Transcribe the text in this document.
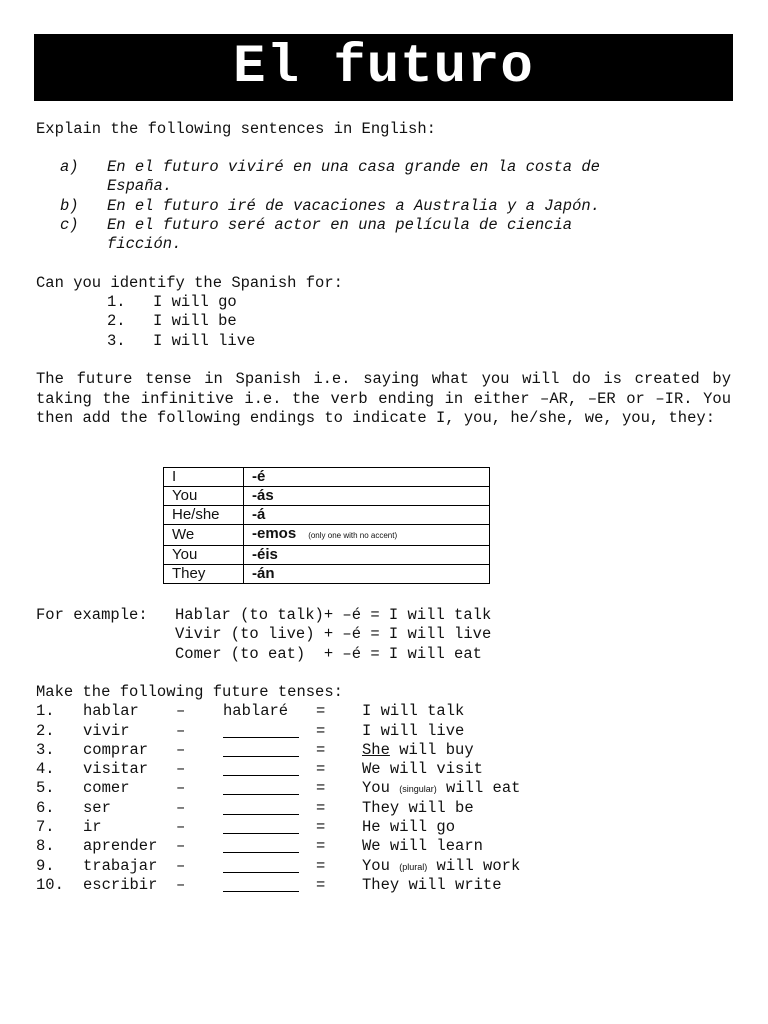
El futuro
Explain the following sentences in English:
a) En el futuro viviré en una casa grande en la costa de
España.
b) En el futuro iré de vacaciones a Australia y a Japón.
c) En el futuro seré actor en una película de ciencia
ficción.
Can you identify the Spanish for:
1. I will go
2. I will be
3. I will live
The future tense in Spanish i.e. saying what you will do is created by taking the infinitive i.e. the verb ending in either –AR, –ER or –IR. You then add the following endings to indicate I, you, he/she, we, you, they:
I	-é
You	-ás
He/she	-á
We	-emos (only one with no accent)
You	-éis
They	-án
For example: Hablar (to talk)+ –é = I will talk
Vivir (to live) + –é = I will live
Comer (to eat)  + –é = I will eat
Make the following future tenses:
1. hablar – hablaré = I will talk
2. vivir	–	= I will live
3. comprar –	= She will buy
4. visitar –	= We will visit
5. comer	–	= You (singular) will eat
6. ser	–	= They will be
7. ir	–	= He will go
8. aprender –	= We will learn
9. trabajar –	= You (plural) will work
10. escribir –	= They will write
